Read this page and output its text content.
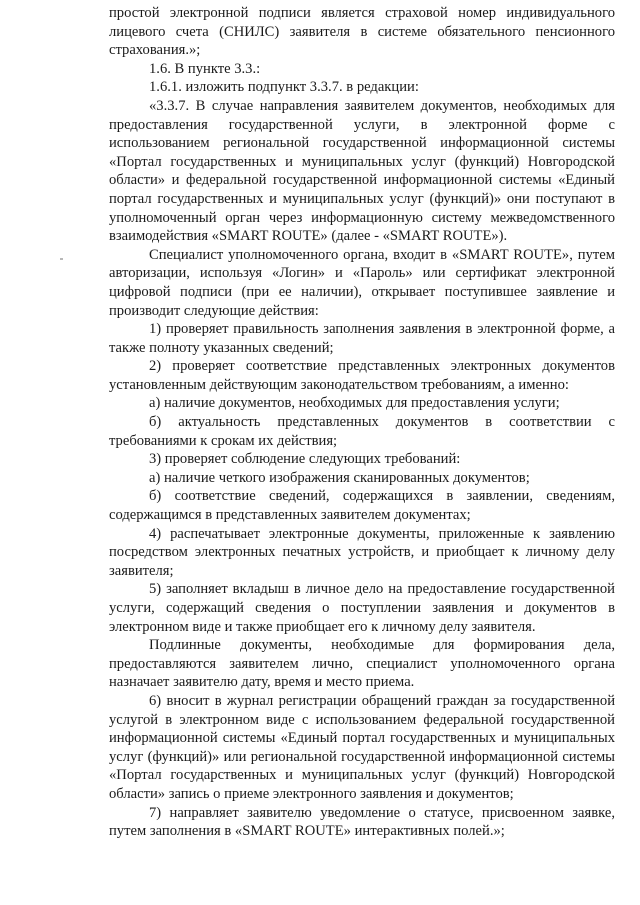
простой электронной подписи является страховой номер индивидуального лицевого счета (СНИЛС) заявителя в системе обязательного пенсионного страхования.»;

1.6. В пункте 3.3.:

1.6.1. изложить подпункт 3.3.7. в редакции:

«3.3.7. В случае направления заявителем документов, необходимых для предоставления государственной услуги, в электронной форме с использованием региональной государственной информационной системы «Портал государственных и муниципальных услуг (функций) Новгородской области» и федеральной государственной информационной системы «Единый портал государственных и муниципальных услуг (функций)» они поступают в уполномоченный орган через информационную систему межведомственного взаимодействия «SMART ROUTE» (далее - «SMART ROUTE»).

Специалист уполномоченного органа, входит в «SMART ROUTE», путем авторизации, используя «Логин» и «Пароль» или сертификат электронной цифровой подписи (при ее наличии), открывает поступившее заявление и производит следующие действия:

1) проверяет правильность заполнения заявления в электронной форме, а также полноту указанных сведений;

2) проверяет соответствие представленных электронных документов установленным действующим законодательством требованиям, а именно:

а) наличие документов, необходимых для предоставления услуги;

б) актуальность представленных документов в соответствии с требованиями к срокам их действия;

3) проверяет соблюдение следующих требований:

а) наличие четкого изображения сканированных документов;

б) соответствие сведений, содержащихся в заявлении, сведениям, содержащимся в представленных заявителем документах;

4) распечатывает электронные документы, приложенные к заявлению посредством электронных печатных устройств, и приобщает к личному делу заявителя;

5) заполняет вкладыш в личное дело на предоставление государственной услуги, содержащий сведения о поступлении заявления и документов в электронном виде и также приобщает его к личному делу заявителя.

Подлинные документы, необходимые для формирования дела, предоставляются заявителем лично, специалист уполномоченного органа назначает заявителю дату, время и место приема.

6) вносит в журнал регистрации обращений граждан за государственной услугой в электронном виде с использованием федеральной государственной информационной системы «Единый портал государственных и муниципальных услуг (функций)» или региональной государственной информационной системы «Портал государственных и муниципальных услуг (функций) Новгородской области» запись о приеме электронного заявления и документов;

7) направляет заявителю уведомление о статусе, присвоенном заявке, путем заполнения в «SMART ROUTE» интерактивных полей.»;
